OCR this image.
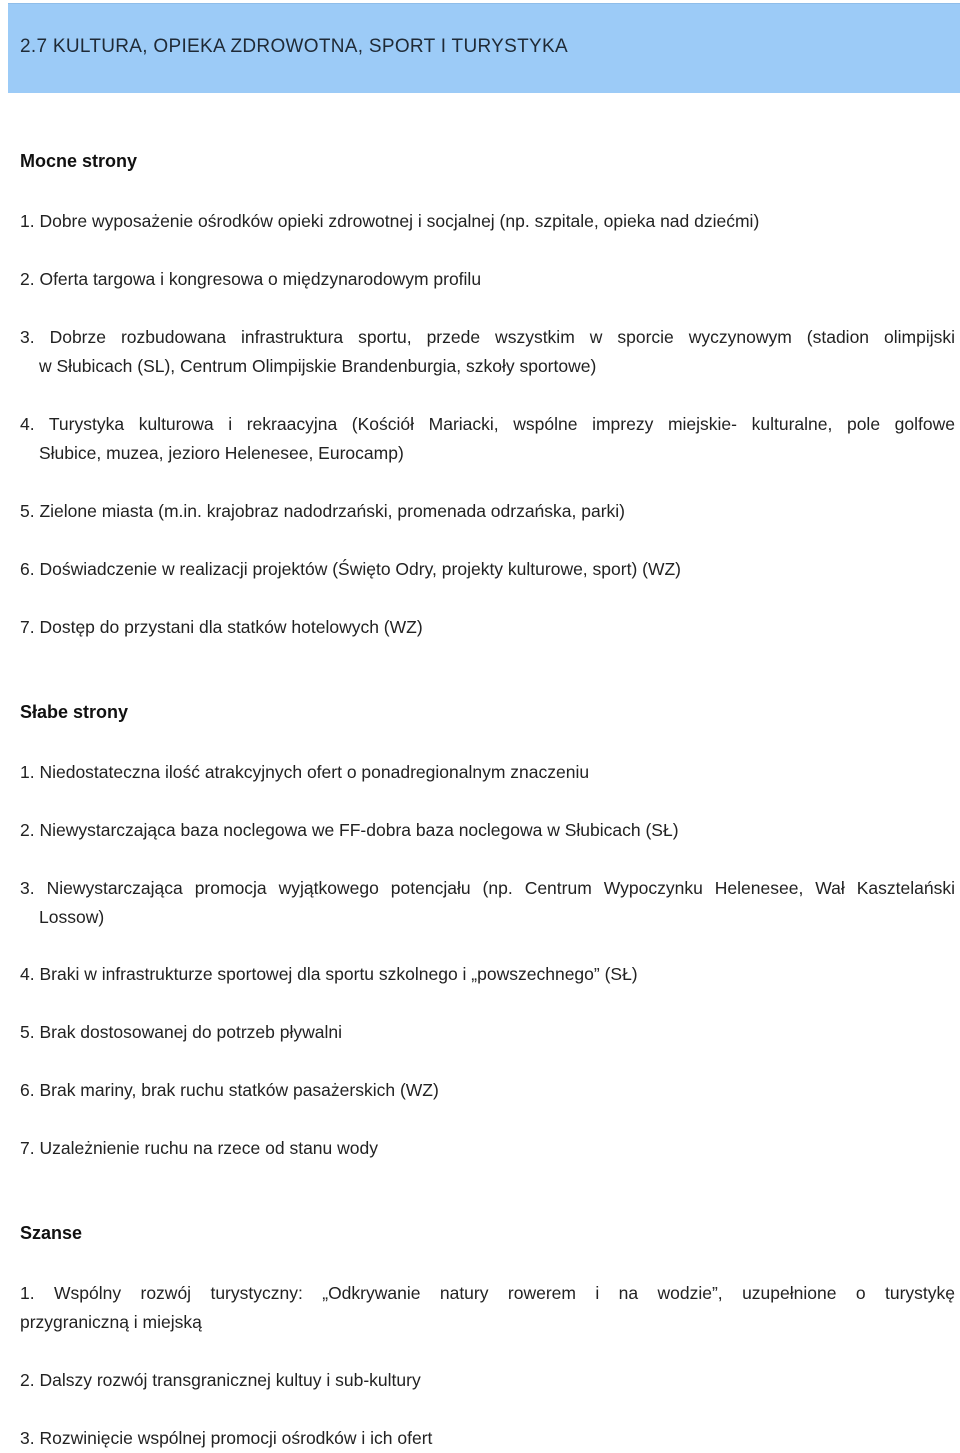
2.7 KULTURA, OPIEKA ZDROWOTNA, SPORT I TURYSTYKA
Mocne strony
1. Dobre wyposażenie ośrodków opieki zdrowotnej i socjalnej (np. szpitale, opieka nad dziećmi)
2. Oferta targowa i kongresowa o międzynarodowym profilu
3. Dobrze rozbudowana infrastruktura sportu, przede wszystkim w sporcie wyczynowym (stadion olimpijski
w Słubicach (SL), Centrum Olimpijskie Brandenburgia, szkoły sportowe)
4. Turystyka kulturowa i rekraacyjna (Kościół Mariacki, wspólne imprezy miejskie- kulturalne, pole golfowe
Słubice, muzea, jezioro Helenesee, Eurocamp)
5. Zielone miasta (m.in. krajobraz nadodrzański, promenada odrzańska, parki)
6. Doświadczenie w realizacji projektów (Święto Odry, projekty kulturowe, sport) (WZ)
7. Dostęp do przystani dla statków hotelowych (WZ)
Słabe strony
1. Niedostateczna ilość atrakcyjnych ofert o ponadregionalnym znaczeniu
2. Niewystarczająca baza noclegowa we FF-dobra baza noclegowa w Słubicach (SŁ)
3. Niewystarczająca promocja wyjątkowego potencjału (np. Centrum Wypoczynku Helenesee, Wał Kasztelański
Lossow)
4. Braki w infrastrukturze sportowej dla sportu szkolnego i „powszechnego” (SŁ)
5. Brak dostosowanej do potrzeb pływalni
6. Brak mariny, brak ruchu statków pasażerskich (WZ)
7. Uzależnienie ruchu na rzece od stanu wody
Szanse
1. Wspólny rozwój turystyczny: „Odkrywanie natury rowerem i na wodzie”, uzupełnione o turystykę
przygraniczną i miejską
2. Dalszy rozwój transgranicznej kultuy i sub-kultury
3. Rozwinięcie wspólnej promocji ośrodków i ich ofert
